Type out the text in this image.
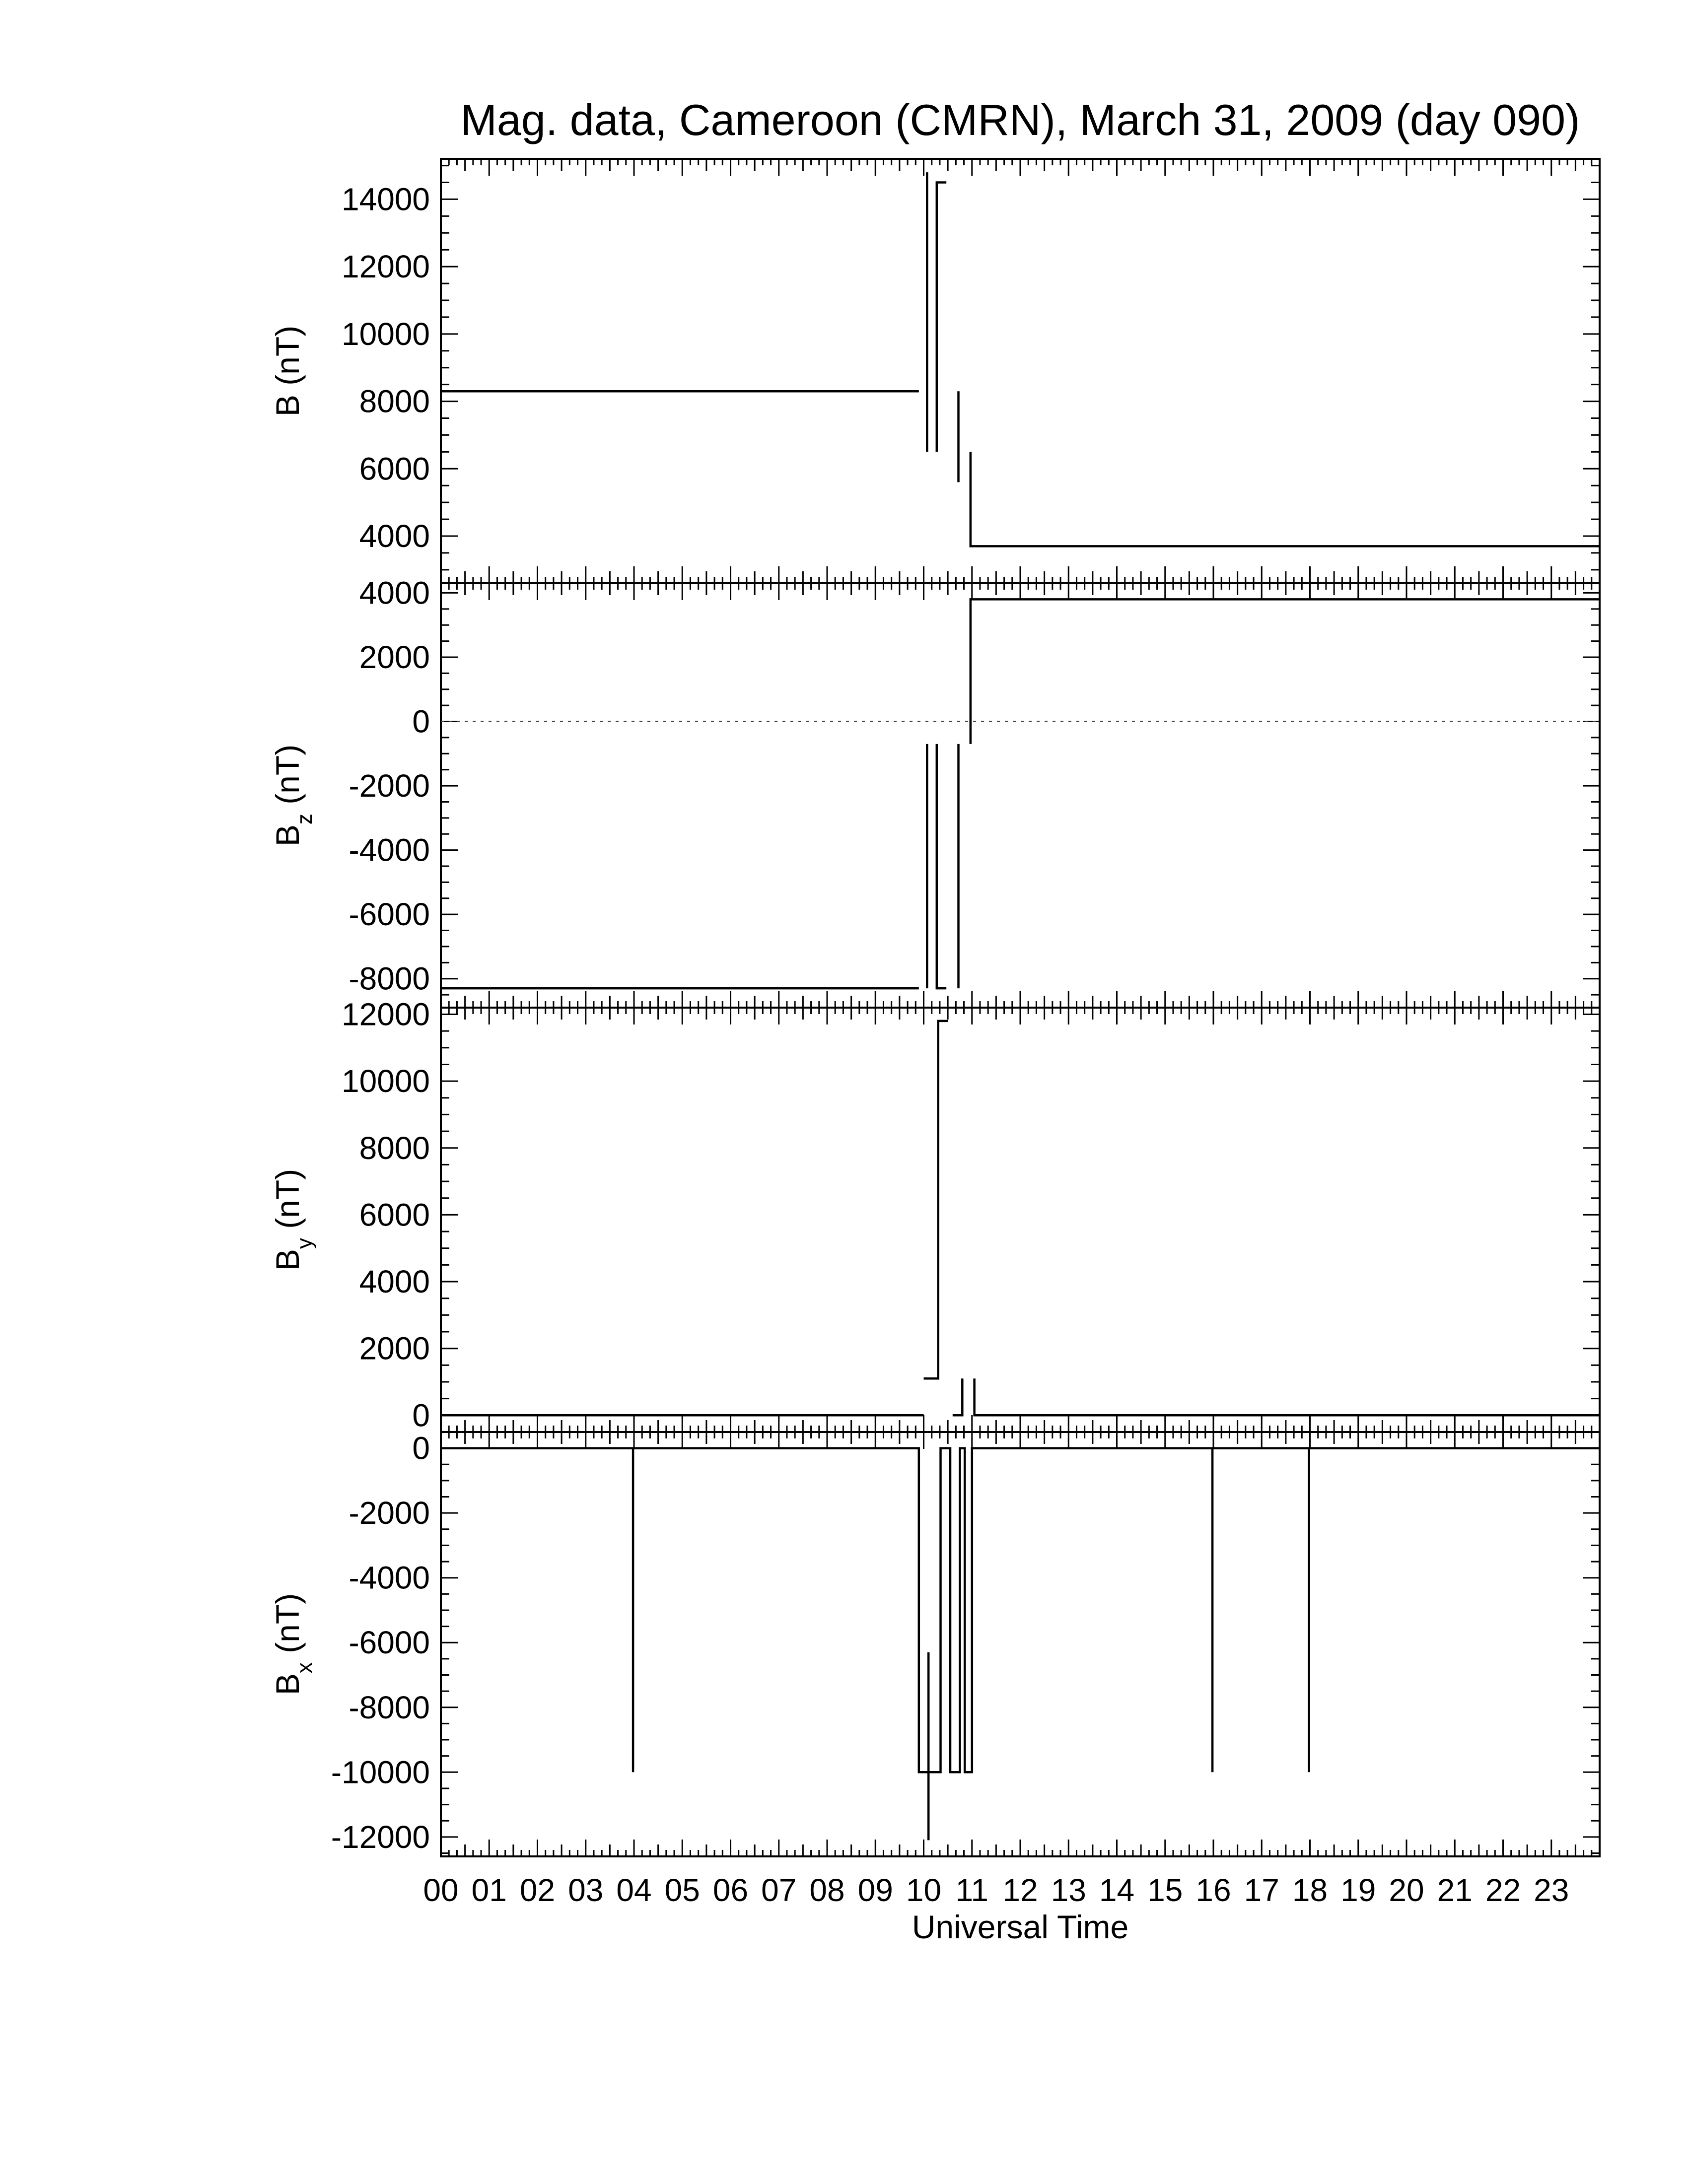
Mag. data, Cameroon (CMRN), March 31, 2009 (day 090)
4000
6000
8000
10000
12000
14000
B (nT)
-8000
-6000
-4000
-2000
0
2000
4000
$B_z$ (nT)
0
2000
4000
6000
8000
10000
12000
$B_y$ (nT)
-12000
-10000
-8000
-6000
-4000
-2000
0
$B_x$ (nT)
00 01 02 03 04 05 06 07 08 09 10 11 12 13 14 15 16 17 18 19 20 21 22 23
Universal Time
